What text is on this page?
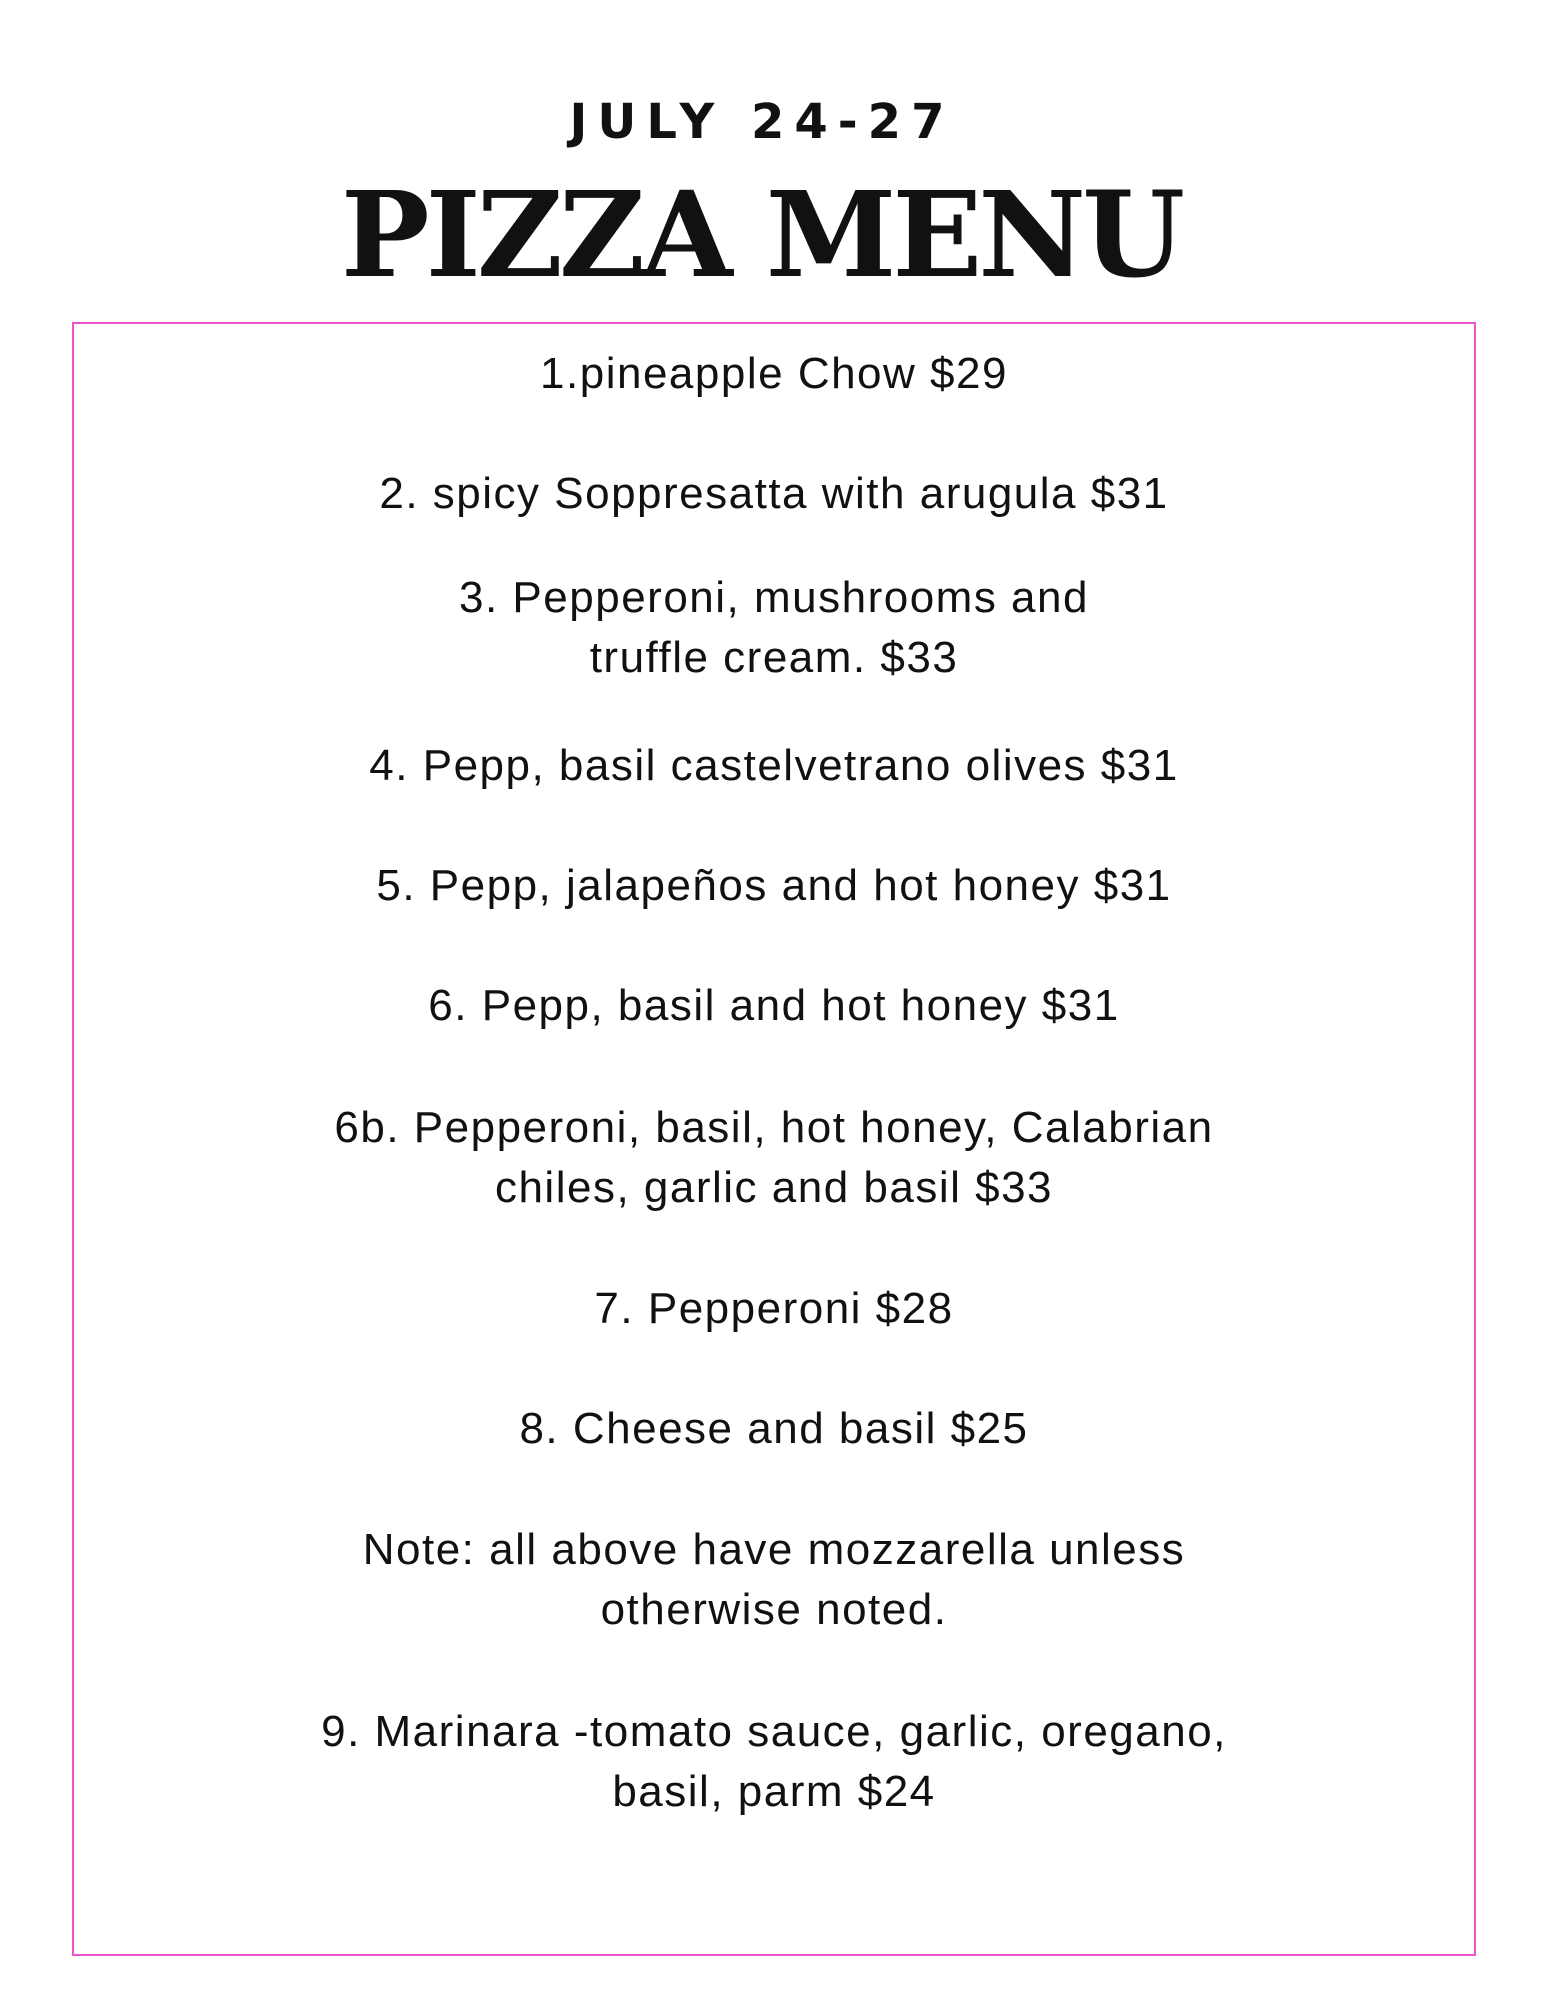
JULY 24-27
PIZZA MENU
1.pineapple Chow $29
2. spicy Soppresatta with arugula $31
3. Pepperoni, mushrooms and
truffle cream. $33
4. Pepp, basil castelvetrano olives $31
5. Pepp, jalapeños and hot honey $31
6. Pepp, basil and hot honey $31
6b. Pepperoni, basil, hot honey, Calabrian
chiles, garlic and basil $33
7. Pepperoni $28
8. Cheese and basil $25
Note: all above have mozzarella unless
otherwise noted.
9. Marinara -tomato sauce, garlic, oregano,
basil, parm $24
